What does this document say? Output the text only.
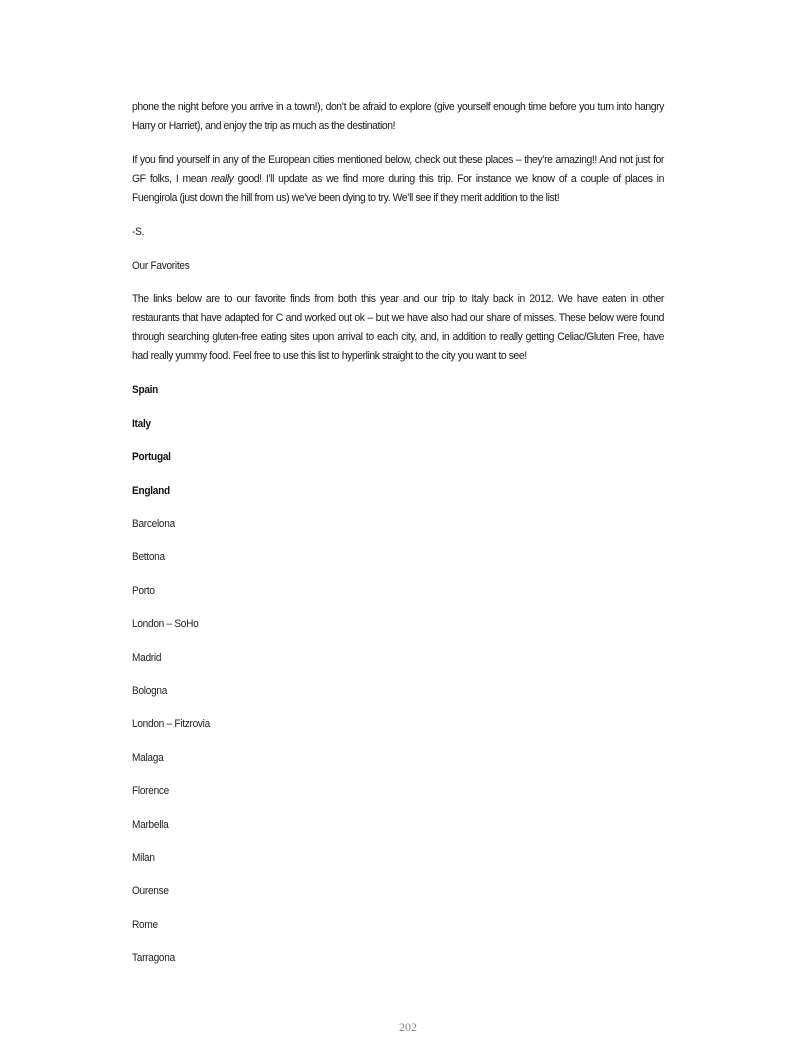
phone the night before you arrive in a town!), don’t be afraid to explore (give yourself enough time before you turn into hangry Harry or Harriet), and enjoy the trip as much as the destination!

If you find yourself in any of the European cities mentioned below, check out these places – they’re amazing!! And not just for GF folks, I mean really good! I’ll update as we find more during this trip. For instance we know of a couple of places in Fuengirola (just down the hill from us) we’ve been dying to try. We’ll see if they merit addition to the list!

-S.

Our Favorites

The links below are to our favorite finds from both this year and our trip to Italy back in 2012. We have eaten in other restaurants that have adapted for C and worked out ok – but we have also had our share of misses. These below were found through searching gluten-free eating sites upon arrival to each city, and, in addition to really getting Celiac/Gluten Free, have had really yummy food. Feel free to use this list to hyperlink straight to the city you want to see!

Spain

Italy

Portugal

England

Barcelona

Bettona

Porto

London – SoHo

Madrid

Bologna

London – Fitzrovia

Malaga

Florence

Marbella

Milan

Ourense

Rome

Tarragona

202
